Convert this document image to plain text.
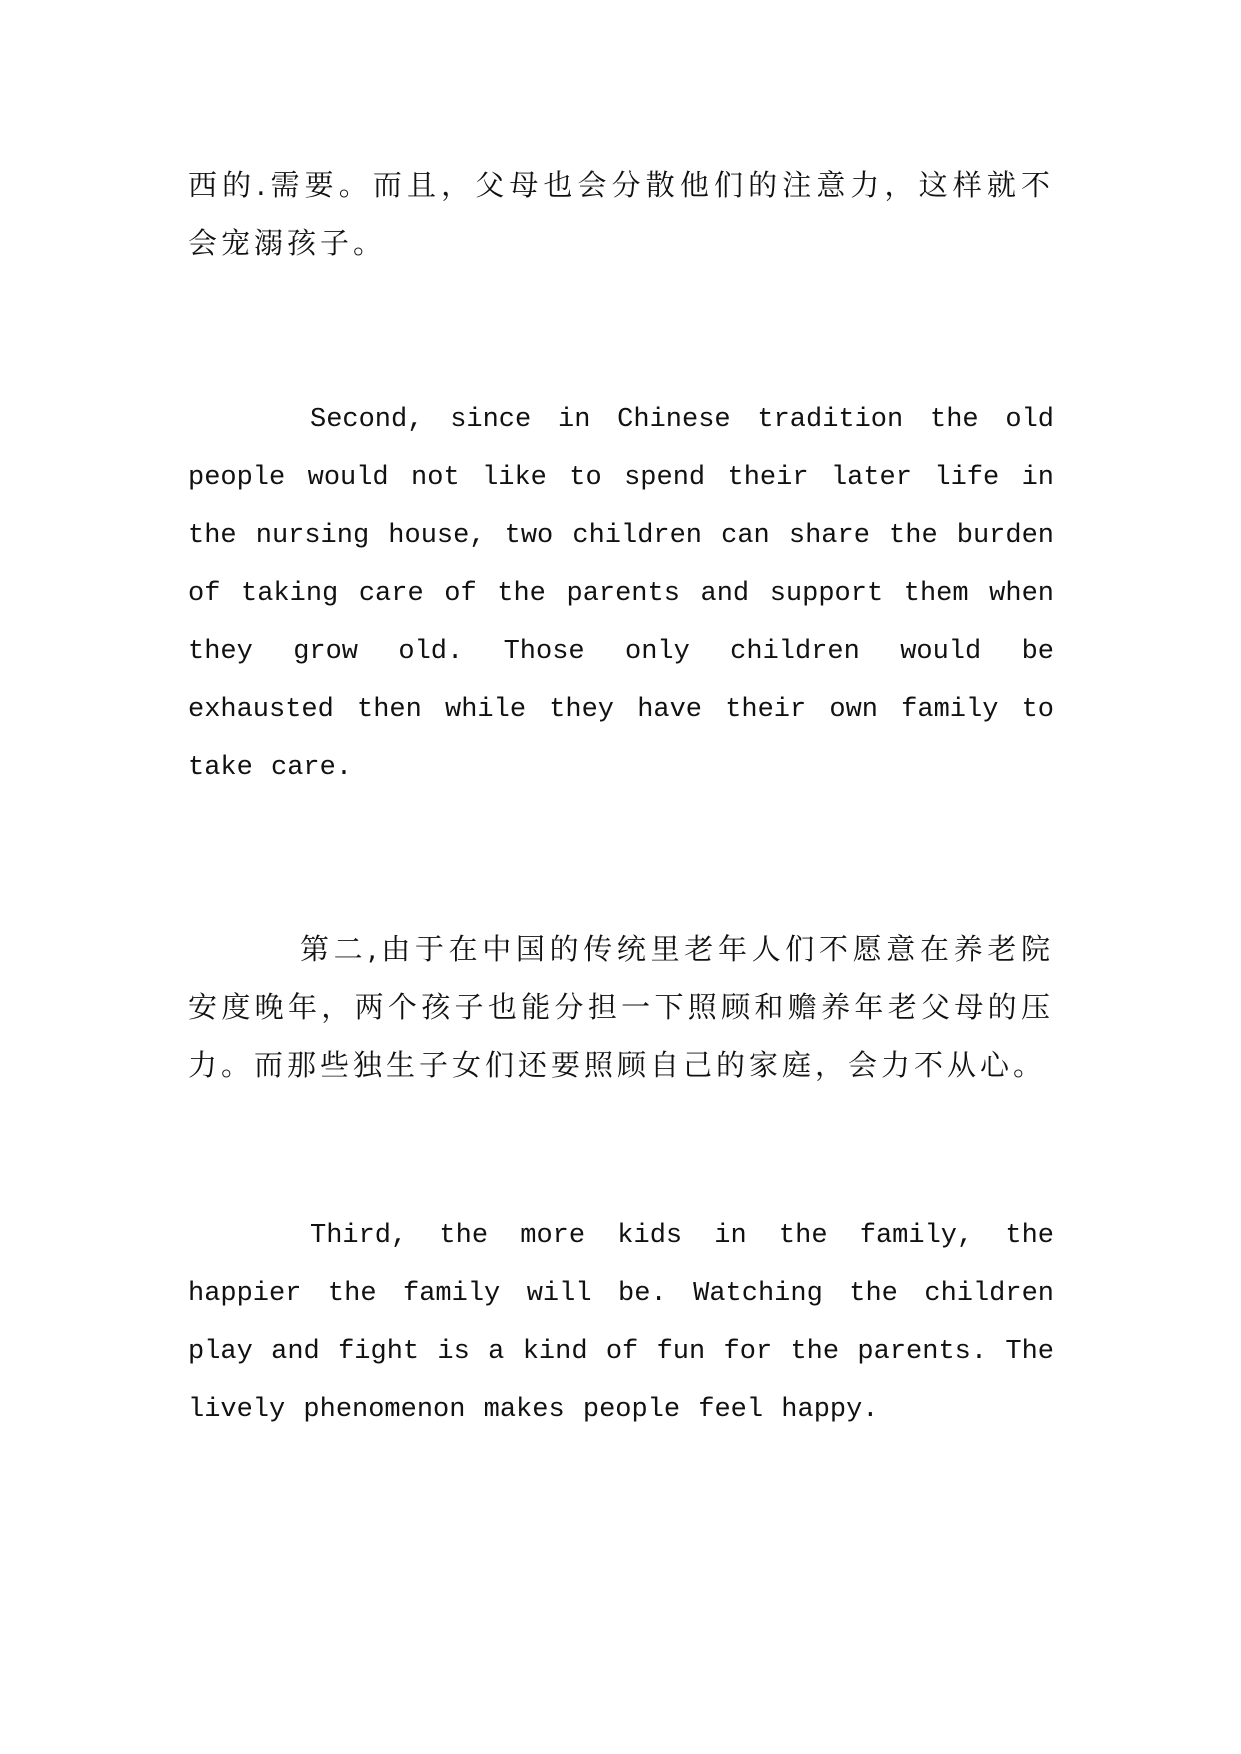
西的.需要。而且，父母也会分散他们的注意力，这样就不会宠溺孩子。

Second, since in Chinese tradition the old people would not like to spend their later life in the nursing house, two children can share the burden of taking care of the parents and support them when they grow old. Those only children would be exhausted then while they have their own family to take care.

第二,由于在中国的传统里老年人们不愿意在养老院安度晚年，两个孩子也能分担一下照顾和赡养年老父母的压力。而那些独生子女们还要照顾自己的家庭，会力不从心。

Third, the more kids in the family, the happier the family will be. Watching the children play and fight is a kind of fun for the parents. The lively phenomenon makes people feel happy.
